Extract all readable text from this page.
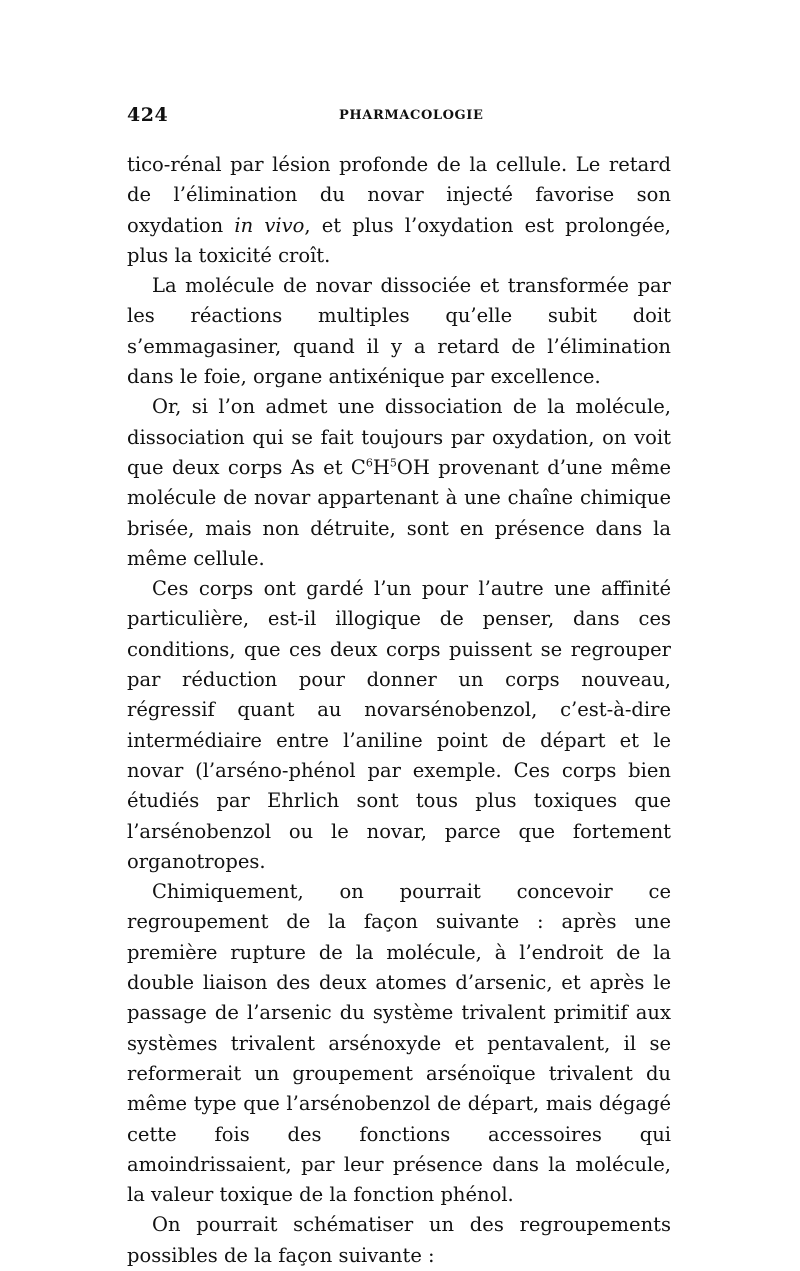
424	PHARMACOLOGIE

tico-rénal par lésion profonde de la cellule. Le retard de l’élimination du novar injecté favorise son oxydation in vivo, et plus l’oxydation est prolongée, plus la toxicité croît.

La molécule de novar dissociée et transformée par les réactions multiples qu’elle subit doit s’emmagasiner, quand il y a retard de l’élimination dans le foie, organe antixénique par excellence.

Or, si l’on admet une dissociation de la molécule, dissociation qui se fait toujours par oxydation, on voit que deux corps As et $C^6H^5OH$ provenant d’une même molécule de novar appartenant à une chaîne chimique brisée, mais non détruite, sont en présence dans la même cellule.

Ces corps ont gardé l’un pour l’autre une affinité particulière, est-il illogique de penser, dans ces conditions, que ces deux corps puissent se regrouper par réduction pour donner un corps nouveau, régressif quant au novarsénobenzol, c’est-à-dire intermédiaire entre l’aniline point de départ et le novar (l’arséno-phénol par exemple. Ces corps bien étudiés par Ehrlich sont tous plus toxiques que l’arsénobenzol ou le novar, parce que fortement organotropes.

Chimiquement, on pourrait concevoir ce regroupement de la façon suivante : après une première rupture de la molécule, à l’endroit de la double liaison des deux atomes d’arsenic, et après le passage de l’arsenic du système trivalent primitif aux systèmes trivalent arsénoxyde et pentavalent, il se reformerait un groupement arsénoïque trivalent du même type que l’arsénobenzol de départ, mais dégagé cette fois des fonctions accessoires qui amoindrissaient, par leur présence dans la molécule, la valeur toxique de la fonction phénol.

On pourrait schématiser un des regroupements possibles de la façon suivante :
